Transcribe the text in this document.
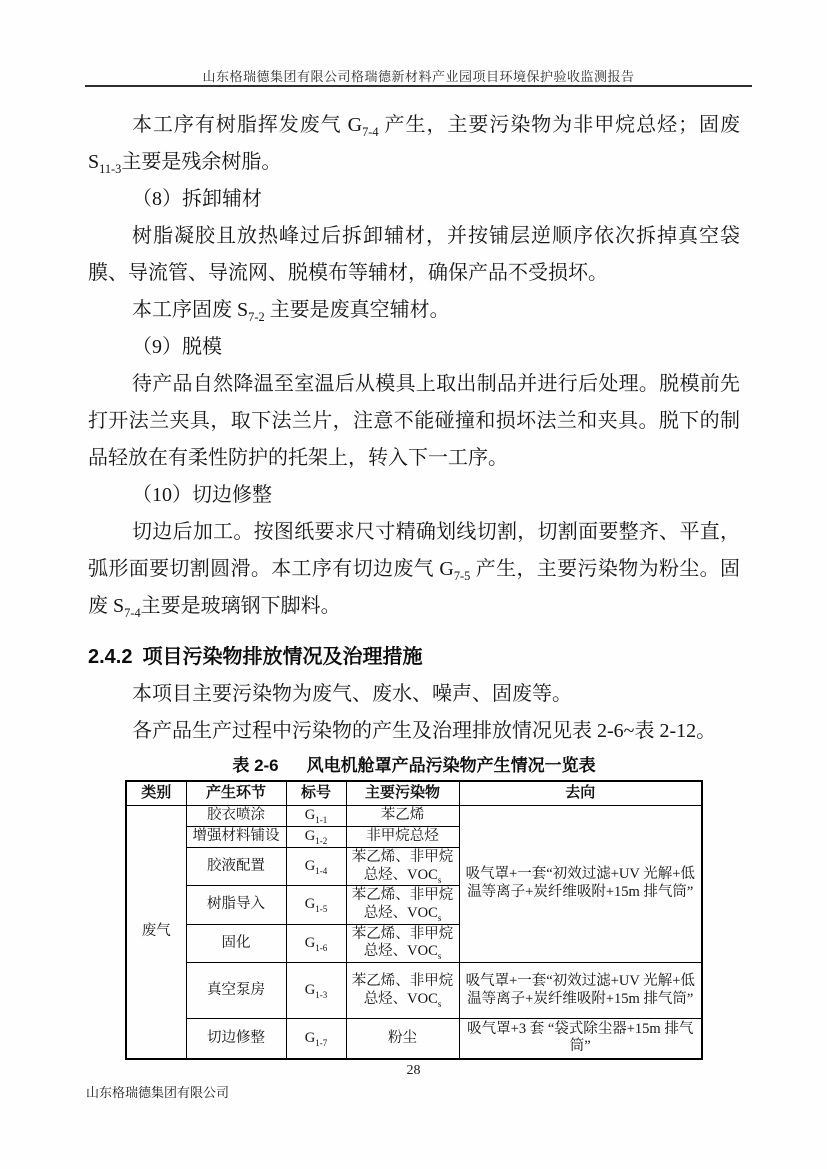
山东格瑞德集团有限公司格瑞德新材料产业园项目环境保护验收监测报告

本工序有树脂挥发废气 $G_{7-4}$ 产生，主要污染物为非甲烷总烃；固废 $S_{11-3}$主要是残余树脂。

（8）拆卸辅材

树脂凝胶且放热峰过后拆卸辅材，并按铺层逆顺序依次拆掉真空袋膜、导流管、导流网、脱模布等辅材，确保产品不受损坏。

本工序固废 $S_{7-2}$ 主要是废真空辅材。

（9）脱模

待产品自然降温至室温后从模具上取出制品并进行后处理。脱模前先打开法兰夹具，取下法兰片，注意不能碰撞和损坏法兰和夹具。脱下的制品轻放在有柔性防护的托架上，转入下一工序。

（10）切边修整

切边后加工。按图纸要求尺寸精确划线切割，切割面要整齐、平直，弧形面要切割圆滑。本工序有切边废气 $G_{7-5}$ 产生，主要污染物为粉尘。固废 $S_{7-4}$主要是玻璃钢下脚料。

2.4.2 项目污染物排放情况及治理措施

本项目主要污染物为废气、废水、噪声、固废等。

各产品生产过程中污染物的产生及治理排放情况见表 2-6~表 2-12。

表 2-6 风电机舱罩产品污染物产生情况一览表
类别	产生环节	标号	主要污染物	去向
废气	胶衣喷涂	$G_{1-1}$	苯乙烯	吸气罩+一套“初效过滤+UV 光解+低温等离子+炭纤维吸附+15m 排气筒”
	增强材料铺设	$G_{1-2}$	非甲烷总烃	
	胶液配置	$G_{1-4}$	苯乙烯、非甲烷总烃、$VOC_s$
	树脂导入	$G_{1-5}$	苯乙烯、非甲烷总烃、$VOC_s$
	固化	$G_{1-6}$	苯乙烯、非甲烷总烃、$VOC_s$
	真空泵房	$G_{1-3}$	苯乙烯、非甲烷总烃、$VOC_s$	吸气罩+一套“初效过滤+UV 光解+低温等离子+炭纤维吸附+15m 排气筒”
	切边修整	$G_{1-7}$	粉尘	吸气罩+3 套 “袋式除尘器+15m 排气筒”
28
山东格瑞德集团有限公司
